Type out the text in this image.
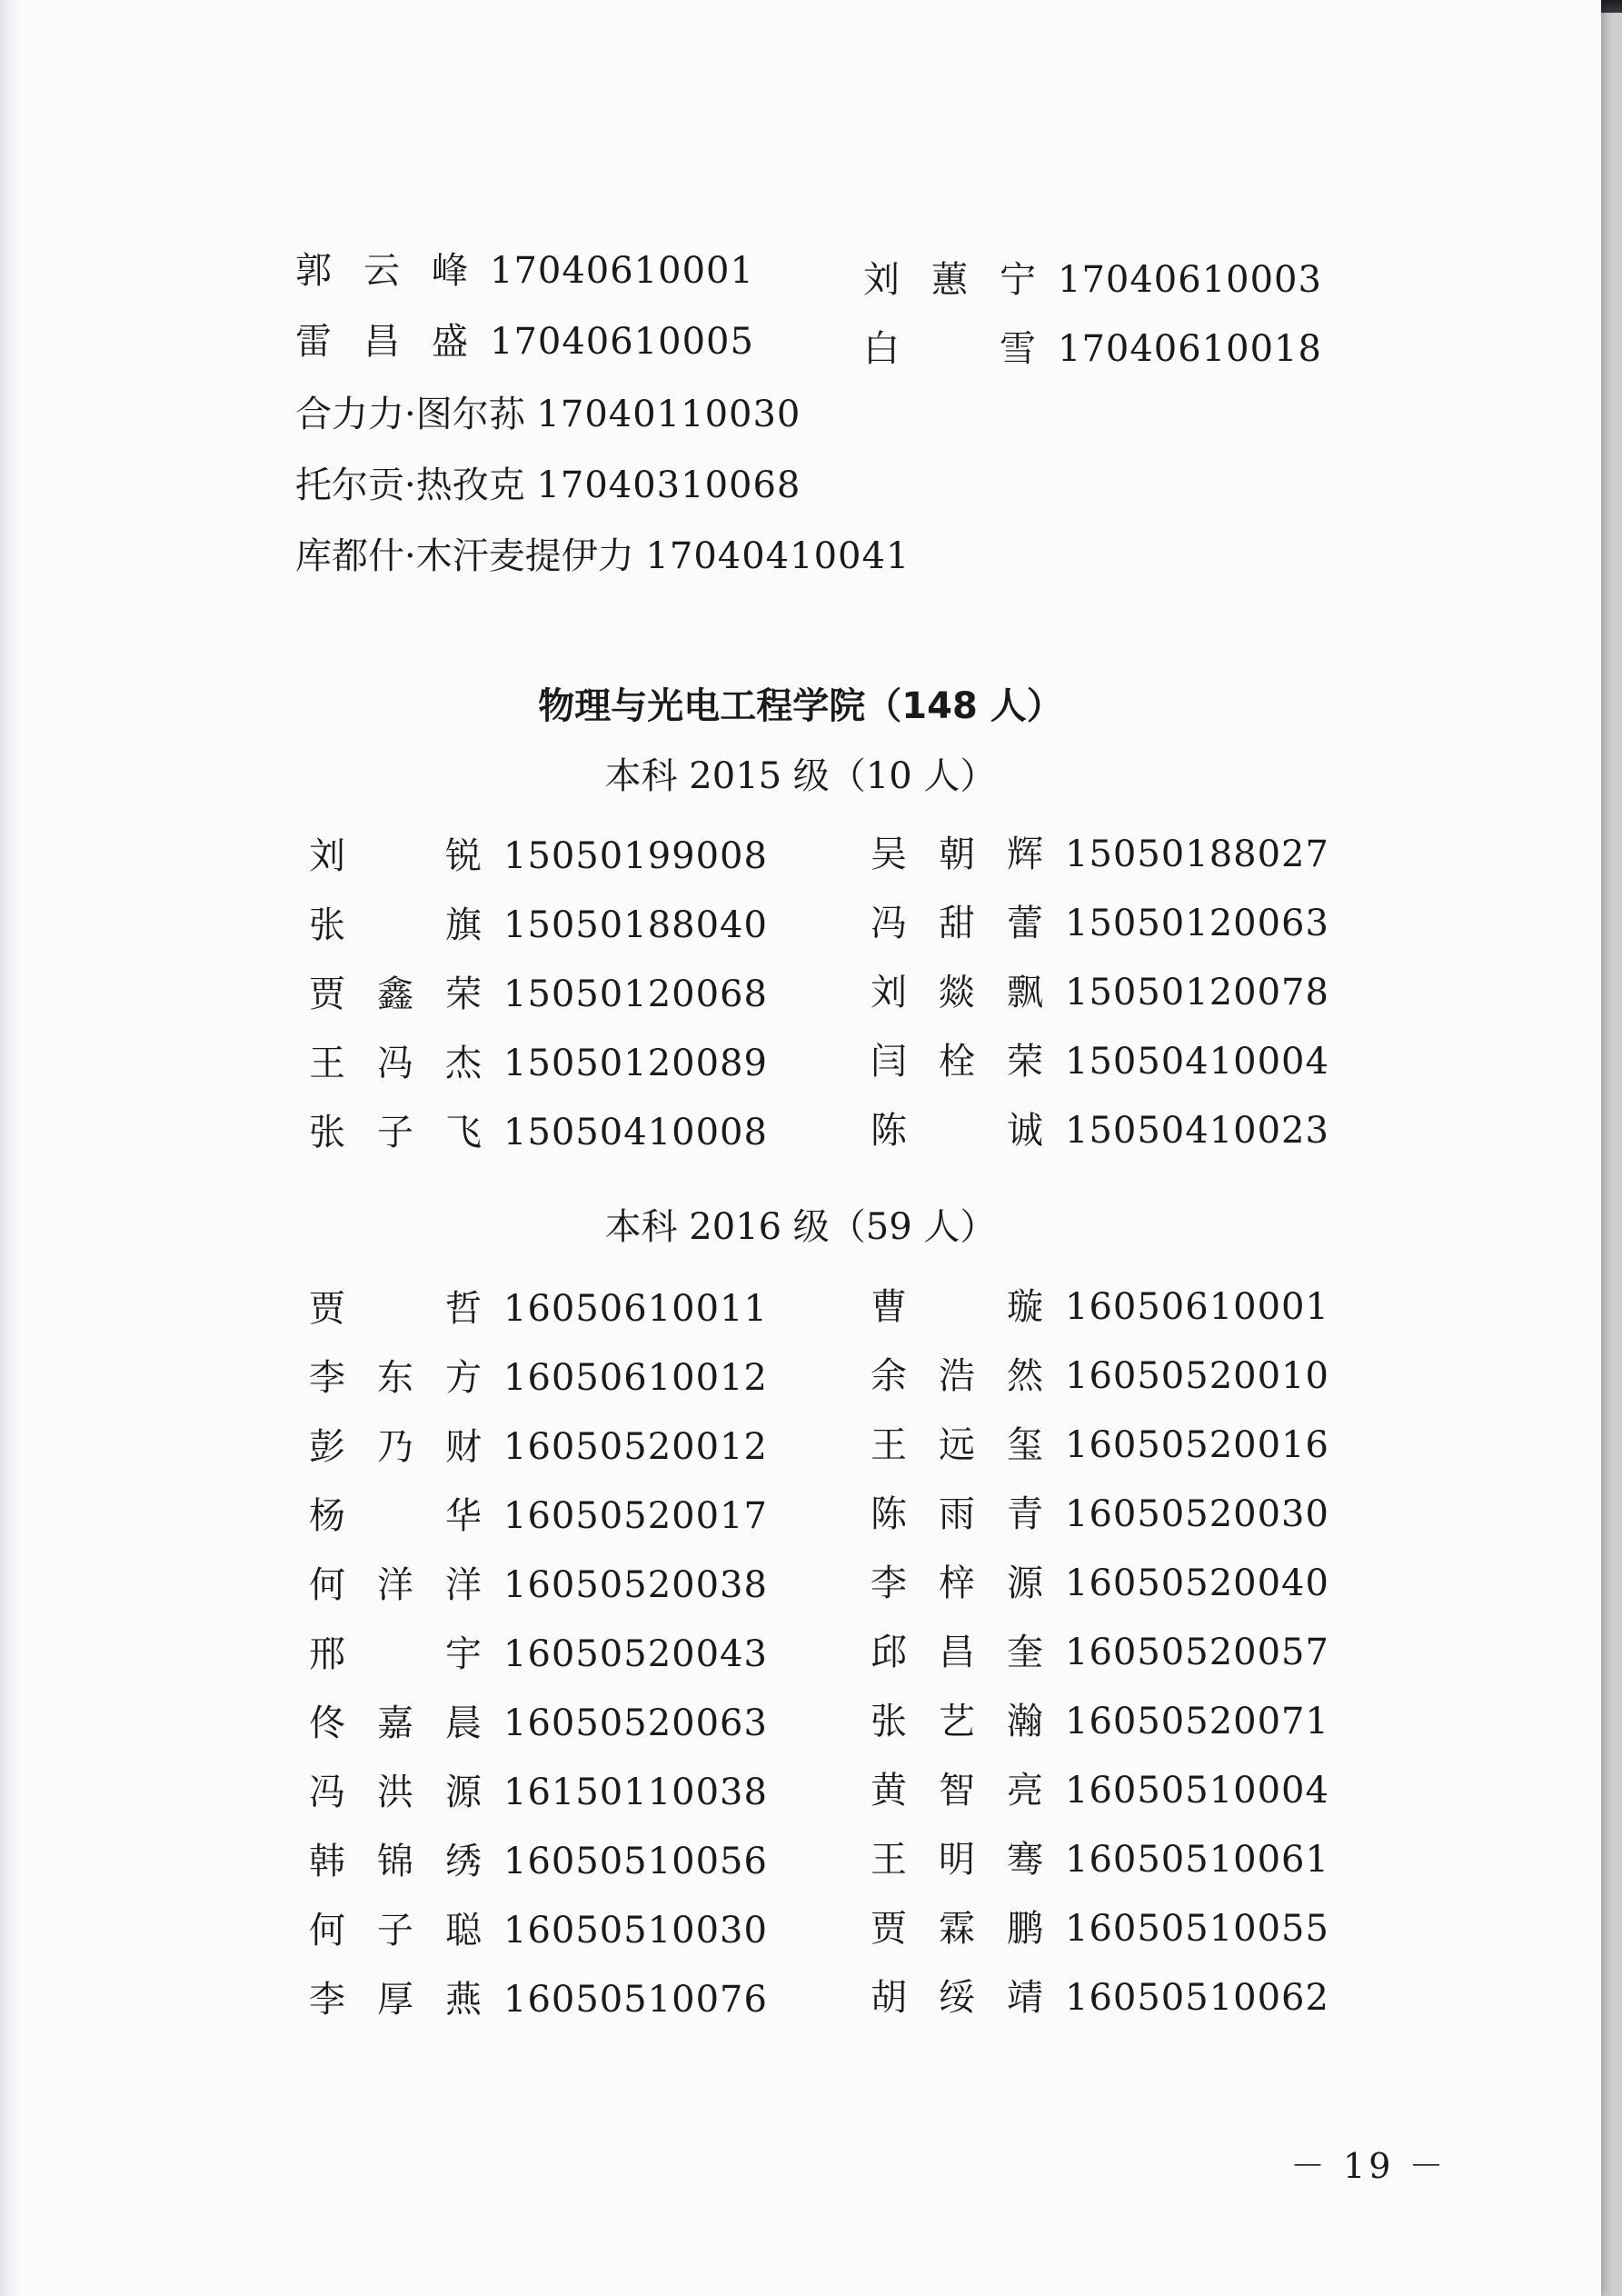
郭云峰 17040610001	刘蕙宁 17040610003
雷昌盛 17040610005	白 雪 17040610018
合力力·图尔荪 17040110030
托尔贡·热孜克 17040310068
库都什·木汗麦提伊力 17040410041
物理与光电工程学院（148 人）
本科 2015 级（10 人）
刘 锐 15050199008	吴朝辉 15050188027
张 旗 15050188040	冯甜蕾 15050120063
贾鑫荣 15050120068	刘燚飘 15050120078
王冯杰 15050120089	闫栓荣 15050410004
张子飞 15050410008	陈 诚 15050410023
本科 2016 级（59 人）
贾 哲 16050610011	曹 璇 16050610001
李东方 16050610012	余浩然 16050520010
彭乃财 16050520012	王远玺 16050520016
杨 华 16050520017	陈雨青 16050520030
何洋洋 16050520038	李梓源 16050520040
邢 宇 16050520043	邱昌奎 16050520057
佟嘉晨 16050520063	张艺瀚 16050520071
冯洪源 16150110038	黄智亮 16050510004
韩锦绣 16050510056	王明骞 16050510061
何子聪 16050510030	贾霖鹏 16050510055
李厚燕 16050510076	胡绥靖 16050510062
－ 19 －
